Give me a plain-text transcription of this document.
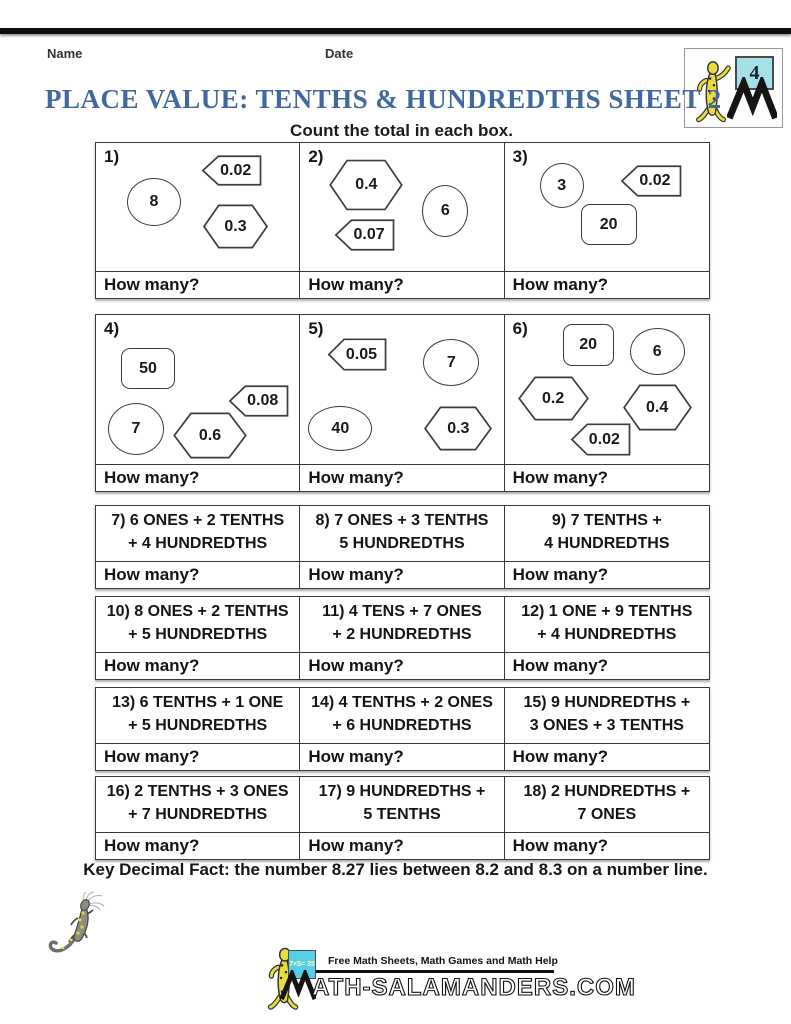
Name	Date
4
PLACE VALUE: TENTHS & HUNDREDTHS SHEET 2
Count the total in each box.
1)
8
0.02
0.3
2)
0.4
0.07
6
3)
3	0.02
20
How many?	How many?	How many?
4)
50
7
0.08
0.6
5)
0.05	7
40	0.3
6)
20	6
0.2
0.4
0.02
How many?	How many?	How many?
7) 6 ONES + 2 TENTHS
+ 4 HUNDREDTHS
8) 7 ONES + 3 TENTHS
5 HUNDREDTHS
9) 7 TENTHS +
4 HUNDREDTHS
How many?	How many?	How many?
10) 8 ONES + 2 TENTHS
+ 5 HUNDREDTHS
11) 4 TENS + 7 ONES
+ 2 HUNDREDTHS
12) 1 ONE + 9 TENTHS
+ 4 HUNDREDTHS
How many?	How many?	How many?
13) 6 TENTHS + 1 ONE
+ 5 HUNDREDTHS
14) 4 TENTHS + 2 ONES
+ 6 HUNDREDTHS
15) 9 HUNDREDTHS +
3 ONES + 3 TENTHS
How many?	How many?	How many?
16) 2 TENTHS + 3 ONES
+ 7 HUNDREDTHS
17) 9 HUNDREDTHS +
5 TENTHS
18) 2 HUNDREDTHS +
7 ONES
How many?	How many?	How many?
Key Decimal Fact: the number 8.27 lies between 8.2 and 8.3 on a number line.
7×5= 35 Free Math Sheets, Math Games and Math Help
ATH-SALAMANDERS.COM
